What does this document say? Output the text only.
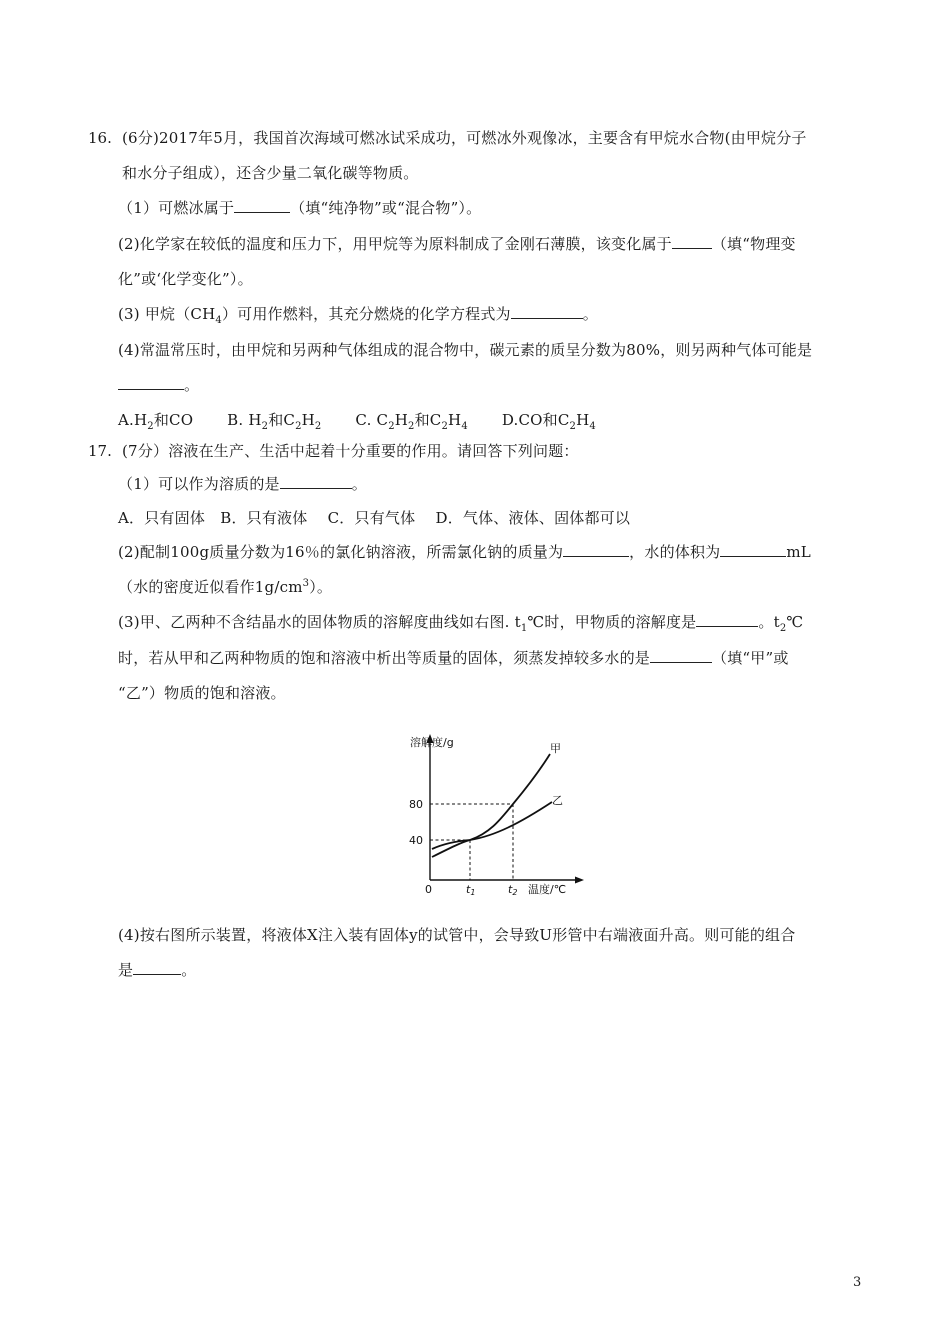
16. (6分)2017年5月，我国首次海域可燃冰试采成功，可燃冰外观像冰，主要含有甲烷水合物(由甲烷分子
和水分子组成），还含少量二氧化碳等物质。
（1）可燃冰属于	（填“纯净物”或“混合物”）。
(2)化学家在较低的温度和压力下，用甲烷等为原料制成了金刚石薄膜，该变化属于	（填“物理变
化”或‘化学变化”）。
(3) 甲烷$(CH_4)$可用作燃料，其充分燃烧的化学方程式为	。
(4)常温常压时，由甲烷和另两种气体组成的混合物中，碳元素的质呈分数为80%，则另两种气体可能是
。
$A.H_2$和CO B. $H_2$和$C_2H_2$ C. $C_2H_2$和$C_2H_4$ D.CO和$C_2H_4$
17. (7分）溶液在生产、生活中起着十分重要的作用。请回答下列问题：
（1）可以作为溶质的是	。
A．只有固体　B．只有液体　 C．只有气体　 D．气体、液体、固体都可以
(2)配制100g质量分数为16％的氯化钠溶液，所需氯化钠的质量为	，水的体积为	mL
（水的密度近似看作$1g/cm^3$）。
(3)甲、乙两种不含结晶水的固体物质的溶解度曲线如右图. $t_1℃$时，甲物质的溶解度是	。$t_2℃$
时，若从甲和乙两种物质的饱和溶液中析出等质量的固体，须蒸发掉较多水的是	（填“甲”或
“乙”）物质的饱和溶液。
溶解度/g	甲
乙
80
40
0	t1	t2 温度/℃
(4)按右图所示装置，将液体X注入装有固体y的试管中，会导致U形管中右端液面升高。则可能的组合
是	。
3
